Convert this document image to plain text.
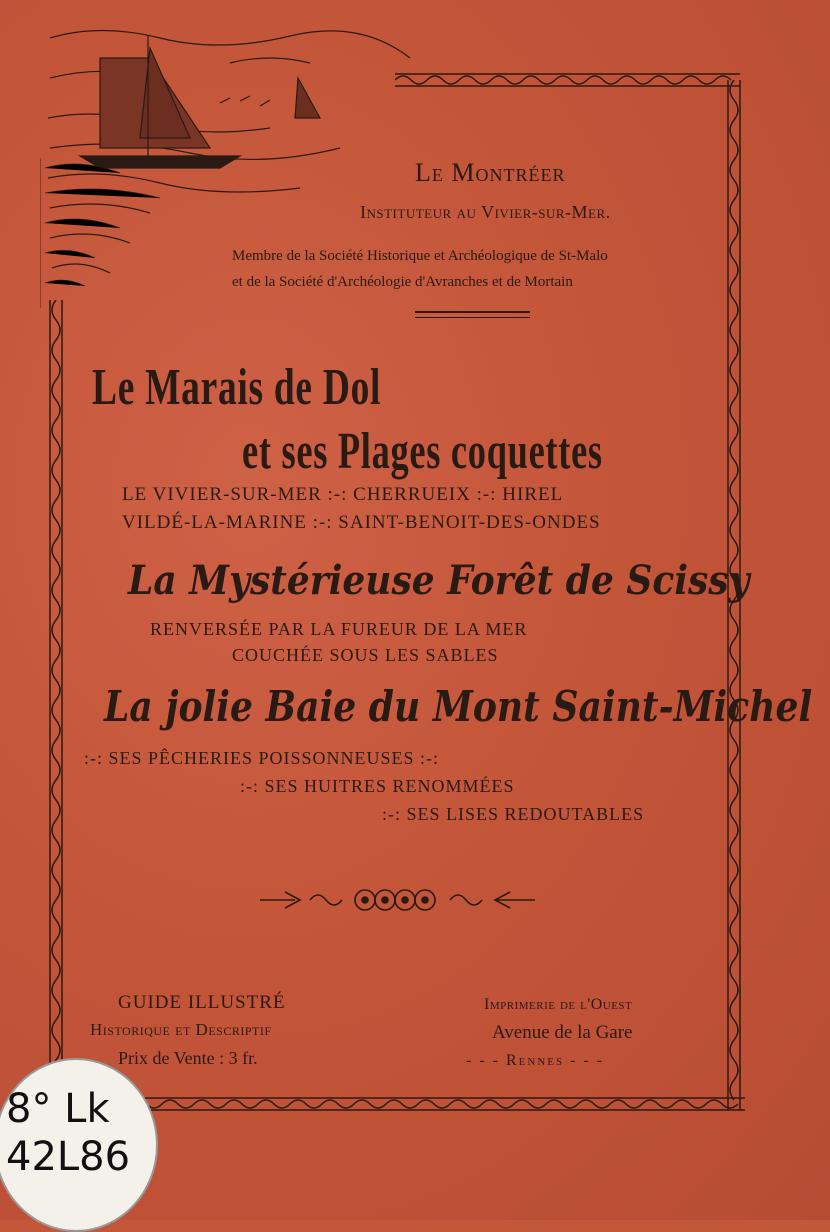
Le Montréer
Instituteur au Vivier-sur-Mer.
Membre de la Société Historique et Archéologique de St-Malo
et de la Société d'Archéologie d'Avranches et de Mortain
Le Marais de Dol
et ses Plages coquettes
LE VIVIER-SUR-MER :-: CHERRUEIX :-: HIREL
VILDÉ-LA-MARINE :-: SAINT-BENOIT-DES-ONDES
La Mystérieuse Forêt de Scissy
RENVERSÉE PAR LA FUREUR DE LA MER
COUCHÉE SOUS LES SABLES
La jolie Baie du Mont Saint-Michel
:-: SES PÊCHERIES POISSONNEUSES :-:
:-: SES HUITRES RENOMMÉES
:-: SES LISES REDOUTABLES
GUIDE ILLUSTRÉ
Historique et Descriptif
Prix de Vente : 3 fr.
Imprimerie de l'Ouest
Avenue de la Gare
- - - Rennes - - -
8° Lk
42L86
